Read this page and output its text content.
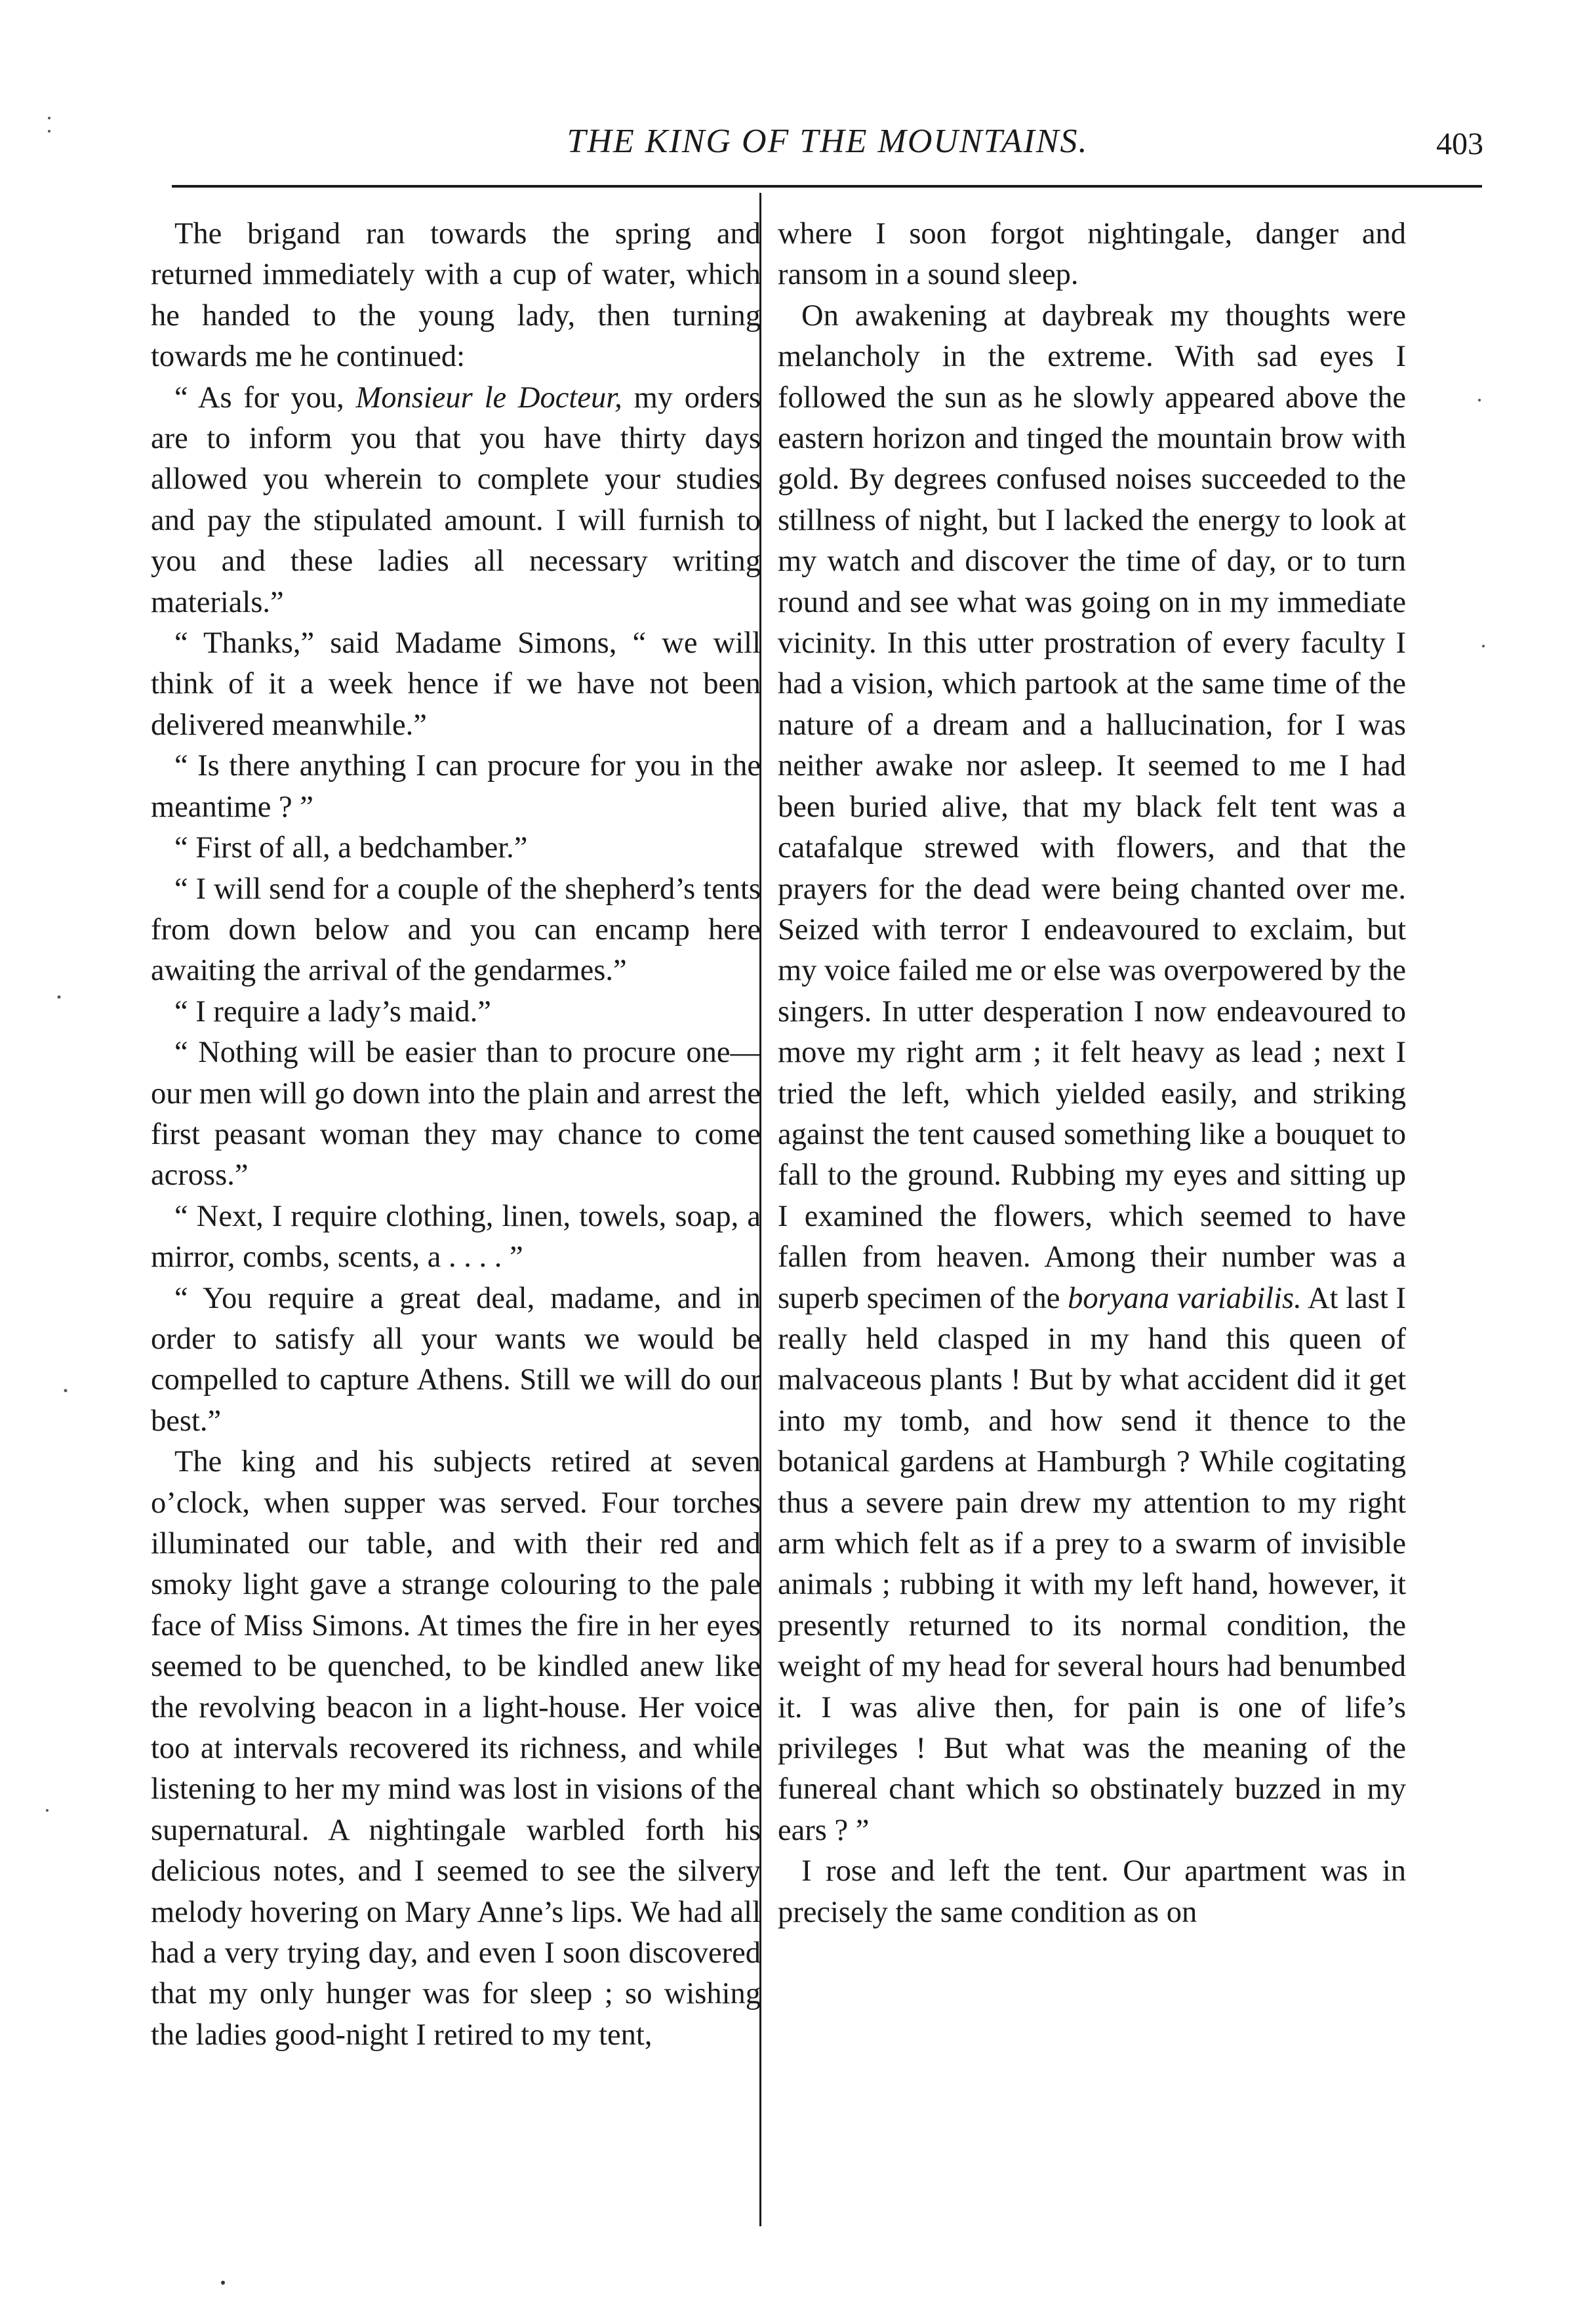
THE KING OF THE MOUNTAINS.	403

The brigand ran towards the spring and returned immediately with a cup of water, which he handed to the young lady, then turning towards me he continued:

“ As for you, Monsieur le Docteur, my orders are to inform you that you have thirty days allowed you wherein to complete your studies and pay the stipulated amount. I will furnish to you and these ladies all necessary writing materials.”

“ Thanks,” said Madame Simons, “ we will think of it a week hence if we have not been delivered meanwhile.”

“ Is there anything I can procure for you in the meantime ? ”

“ First of all, a bedchamber.”

“ I will send for a couple of the shepherd’s tents from down below and you can encamp here awaiting the arrival of the gendarmes.”

“ I require a lady’s maid.”

“ Nothing will be easier than to procure one—our men will go down into the plain and arrest the first peasant woman they may chance to come across.”

“ Next, I require clothing, linen, towels, soap, a mirror, combs, scents, a . . . . ”

“ You require a great deal, madame, and in order to satisfy all your wants we would be compelled to capture Athens. Still we will do our best.”

The king and his subjects retired at seven o’clock, when supper was served. Four torches illuminated our table, and with their red and smoky light gave a strange colouring to the pale face of Miss Simons. At times the fire in her eyes seemed to be quenched, to be kindled anew like the revolving beacon in a light-house. Her voice too at intervals recovered its richness, and while listening to her my mind was lost in visions of the supernatural. A nightingale warbled forth his delicious notes, and I seemed to see the silvery melody hovering on Mary Anne’s lips. We had all had a very trying day, and even I soon discovered that my only hunger was for sleep ; so wishing the ladies good-night I retired to my tent,

where I soon forgot nightingale, danger and ransom in a sound sleep.

On awakening at daybreak my thoughts were melancholy in the extreme. With sad eyes I followed the sun as he slowly appeared above the eastern horizon and tinged the mountain brow with gold. By degrees confused noises succeeded to the stillness of night, but I lacked the energy to look at my watch and discover the time of day, or to turn round and see what was going on in my immediate vicinity. In this utter prostration of every faculty I had a vision, which partook at the same time of the nature of a dream and a hallucination, for I was neither awake nor asleep. It seemed to me I had been buried alive, that my black felt tent was a catafalque strewed with flowers, and that the prayers for the dead were being chanted over me. Seized with terror I endeavoured to exclaim, but my voice failed me or else was overpowered by the singers. In utter desperation I now endeavoured to move my right arm ; it felt heavy as lead ; next I tried the left, which yielded easily, and striking against the tent caused something like a bouquet to fall to the ground. Rubbing my eyes and sitting up I examined the flowers, which seemed to have fallen from heaven. Among their number was a superb specimen of the boryana variabilis. At last I really held clasped in my hand this queen of malvaceous plants ! But by what accident did it get into my tomb, and how send it thence to the botanical gardens at Hamburgh ? While cogitating thus a severe pain drew my attention to my right arm which felt as if a prey to a swarm of invisible animals ; rubbing it with my left hand, however, it presently returned to its normal condition, the weight of my head for several hours had benumbed it. I was alive then, for pain is one of life’s privileges ! But what was the meaning of the funereal chant which so obstinately buzzed in my ears ? ”

I rose and left the tent. Our apartment was in precisely the same condition as on
